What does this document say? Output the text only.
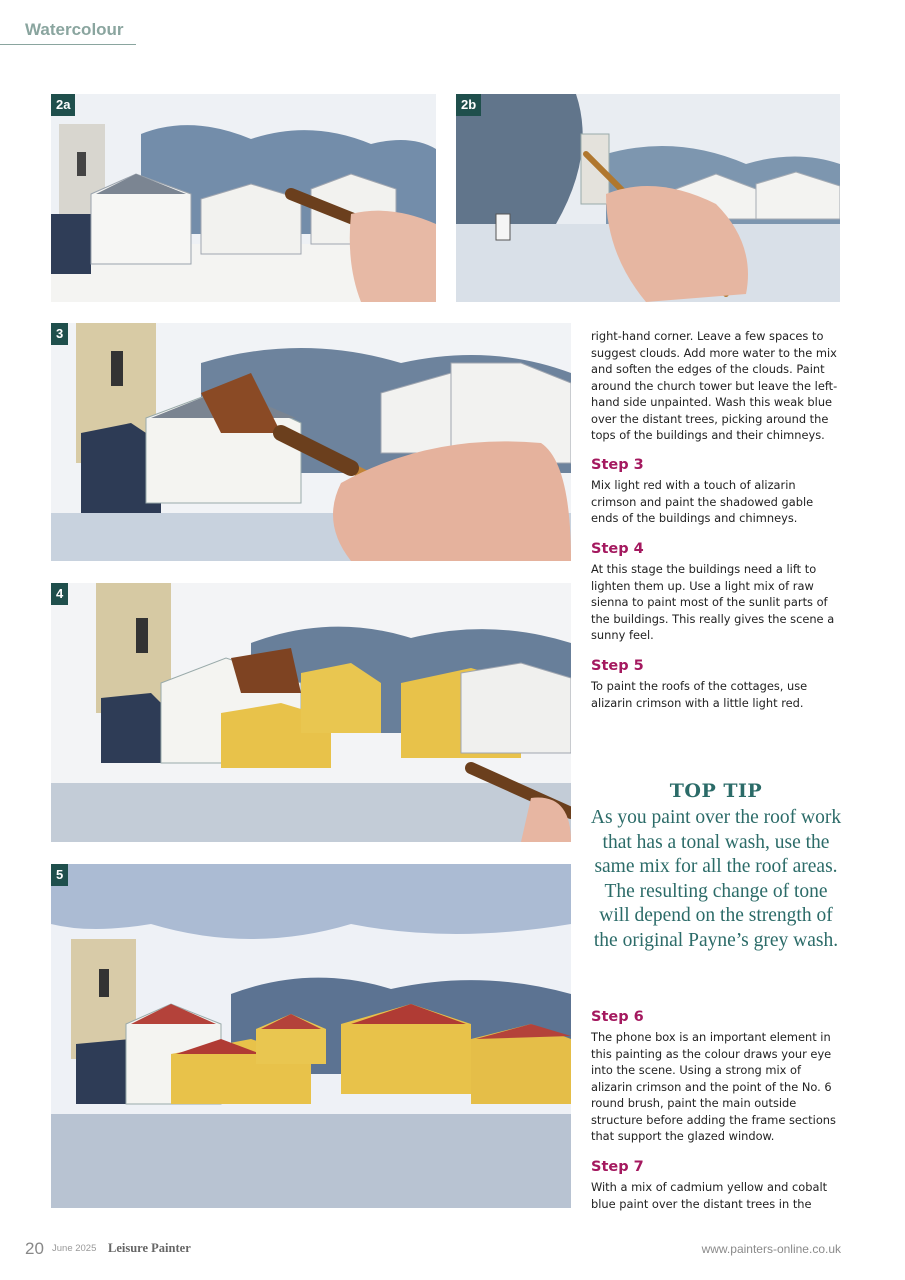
Watercolour
2a	2b
3
4
5

right-hand corner. Leave a few spaces to suggest clouds. Add more water to the mix and soften the edges of the clouds. Paint around the church tower but leave the left-hand side unpainted. Wash this weak blue over the distant trees, picking around the tops of the buildings and their chimneys.

Step 3

Mix light red with a touch of alizarin crimson and paint the shadowed gable ends of the buildings and chimneys.

Step 4

At this stage the buildings need a lift to lighten them up. Use a light mix of raw sienna to paint most of the sunlit parts of the buildings. This really gives the scene a sunny feel.

Step 5

To paint the roofs of the cottages, use alizarin crimson with a little light red.

TOP TIP
As you paint over the roof work that has a tonal wash, use the same mix for all the roof areas. The resulting change of tone will depend on the strength of the original Payne’s grey wash.
Step 6

The phone box is an important element in this painting as the colour draws your eye into the scene. Using a strong mix of alizarin crimson and the point of the No. 6 round brush, paint the main outside structure before adding the frame sections that support the glazed window.

Step 7

With a mix of cadmium yellow and cobalt blue paint over the distant trees in the

20 June 2025 Leisure Painter	www.painters-online.co.uk
